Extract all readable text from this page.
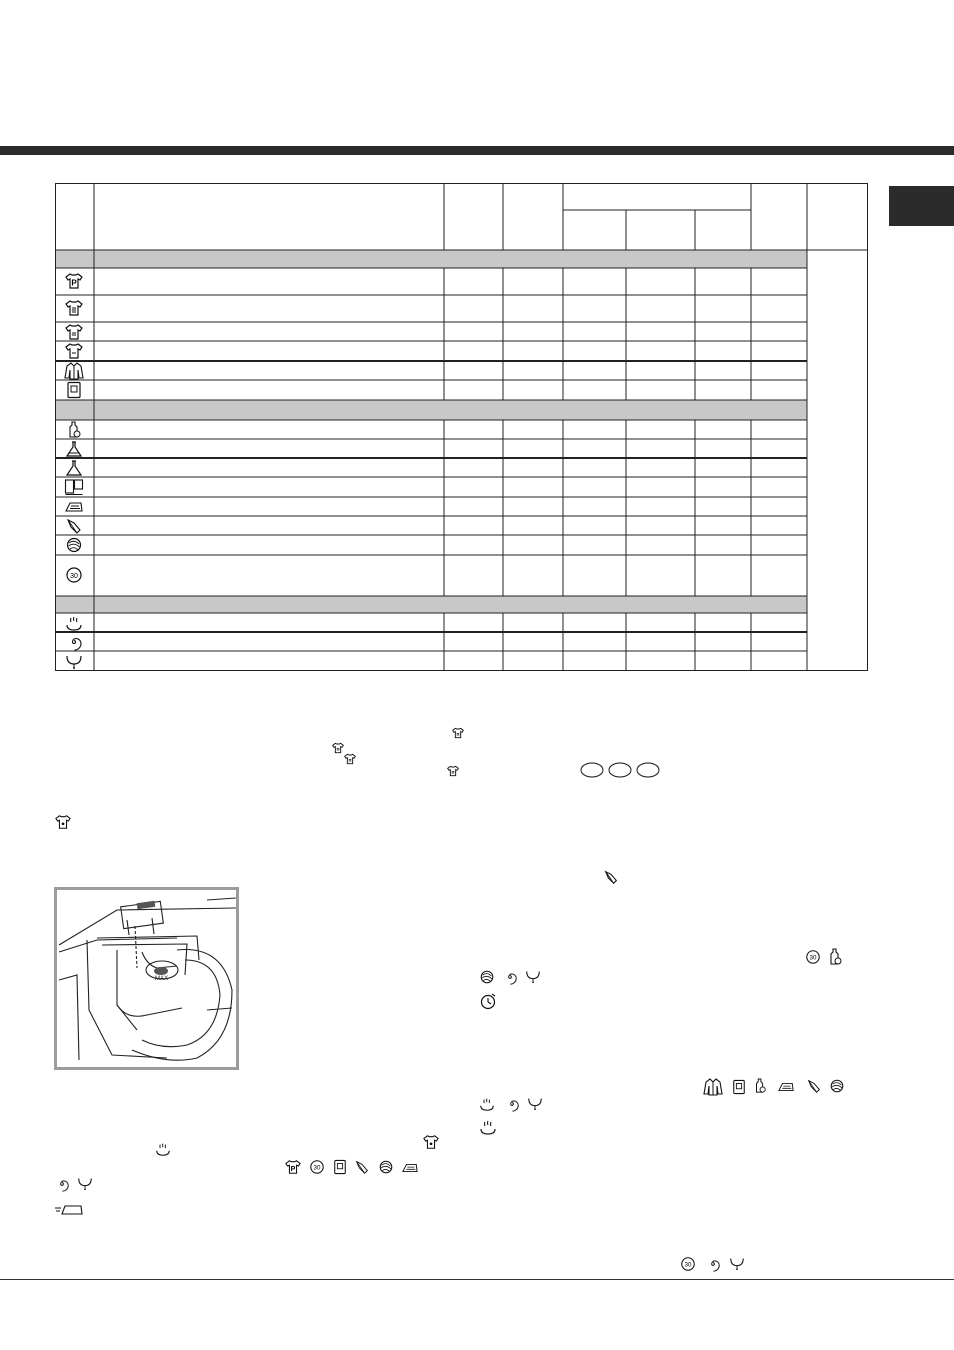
P
30
30
P	30
30
MAX
